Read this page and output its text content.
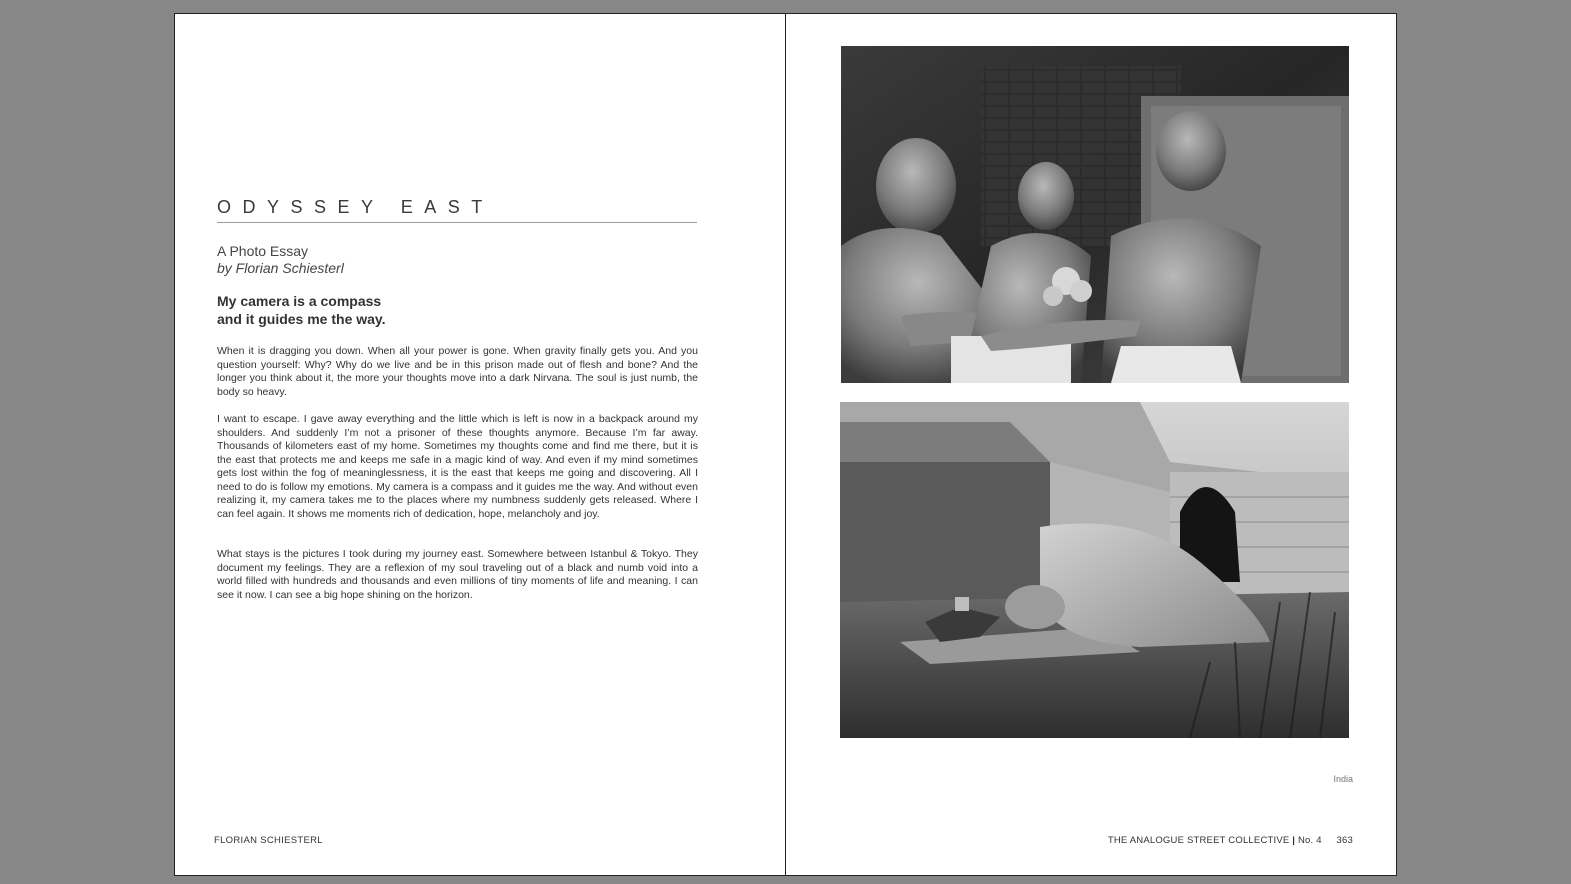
ODYSSEY EAST
A Photo Essay
by Florian Schiesterl
My camera is a compass
and it guides me the way.

When it is dragging you down. When all your power is gone. When gravity finally gets you. And you question yourself: Why? Why do we live and be in this prison made out of flesh and bone? And the longer you think about it, the more your thoughts move into a dark Nirvana. The soul is just numb, the body so heavy.

I want to escape. I gave away everything and the little which is left is now in a backpack around my shoulders. And suddenly I’m not a prisoner of these thoughts anymore. Because I’m far away. Thousands of kilometers east of my home. Sometimes my thoughts come and find me there, but it is the east that protects me and keeps me safe in a magic kind of way. And even if my mind sometimes gets lost within the fog of meaninglessness, it is the east that keeps me going and discovering. All I need to do is follow my emotions. My camera is a compass and it guides me the way. And without even realizing it, my camera takes me to the places where my numbness suddenly gets released. Where I can feel again. It shows me moments rich of dedication, hope, melancholy and joy.

What stays is the pictures I took during my journey east. Somewhere between Istanbul & Tokyo. They document my feelings. They are a reflexion of my soul traveling out of a black and numb void into a world filled with hundreds and thousands and even millions of tiny moments of life and meaning. I can see it now. I can see a big hope shining on the horizon.

FLORIAN SCHIESTERL
India
THE ANALOGUE STREET COLLECTIVE | No. 4 363
